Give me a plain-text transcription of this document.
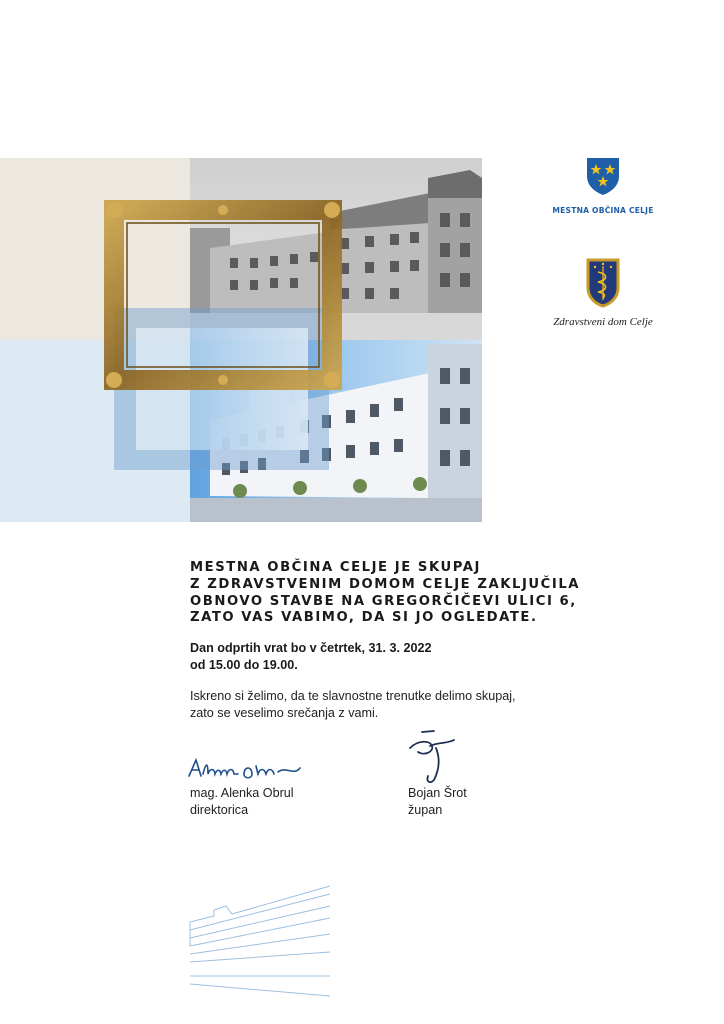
MESTNA OBČINA CELJE
Zdravstveni dom Celje
MESTNA OBČINA CELJE JE SKUPAJ
Z ZDRAVSTVENIM DOMOM CELJE ZAKLJUČILA
OBNOVO STAVBE NA GREGORČIČEVI ULICI 6,
ZATO VAS VABIMO, DA SI JO OGLEDATE.
Dan odprtih vrat bo v četrtek, 31. 3. 2022
od 15.00 do 19.00.
Iskreno si želimo, da te slavnostne trenutke delimo skupaj,
zato se veselimo srečanja z vami.
mag. Alenka Obrul
direktorica
Bojan Šrot
župan
